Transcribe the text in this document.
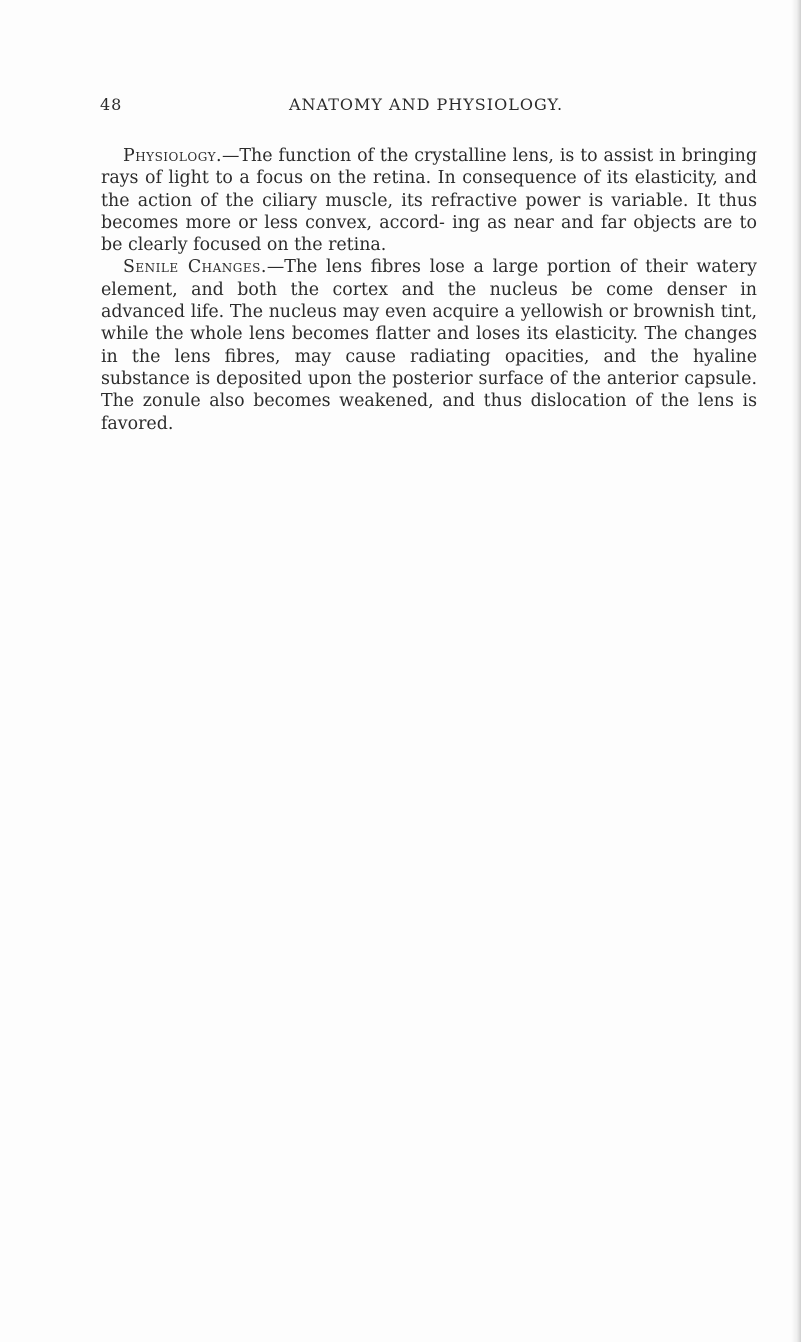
48	ANATOMY AND PHYSIOLOGY.

Physiology.—The function of the crystalline lens, is to assist in bringing rays of light to a focus on the retina. In consequence of its elasticity, and the action of the ciliary muscle, its refractive power is variable. It thus becomes more or less convex, accord- ing as near and far objects are to be clearly focused on the retina.

Senile Changes.—The lens fibres lose a large portion of their watery element, and both the cortex and the nucleus be come denser in advanced life. The nucleus may even acquire a yellowish or brownish tint, while the whole lens becomes flatter and loses its elasticity. The changes in the lens fibres, may cause radiating opacities, and the hyaline substance is deposited upon the posterior surface of the anterior capsule. The zonule also becomes weakened, and thus dislocation of the lens is favored.
